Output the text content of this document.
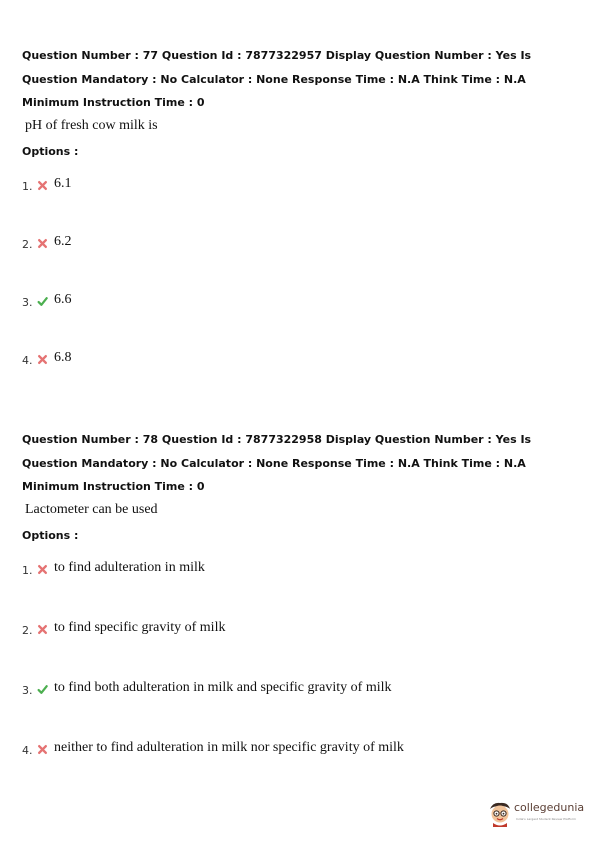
Question Number : 77 Question Id : 7877322957 Display Question Number : Yes Is Question Mandatory : No Calculator : None Response Time : N.A Think Time : N.A Minimum Instruction Time : 0
pH of fresh cow milk is
Options :
1. 6.1
2. 6.2
3. 6.6
4. 6.8
Question Number : 78 Question Id : 7877322958 Display Question Number : Yes Is Question Mandatory : No Calculator : None Response Time : N.A Think Time : N.A Minimum Instruction Time : 0
Lactometer can be used
Options :
1. to find adulteration in milk
2. to find specific gravity of milk
3. to find both adulteration in milk and specific gravity of milk
4. neither to find adulteration in milk nor specific gravity of milk
collegedunia
India's Largest Student Review Platform
